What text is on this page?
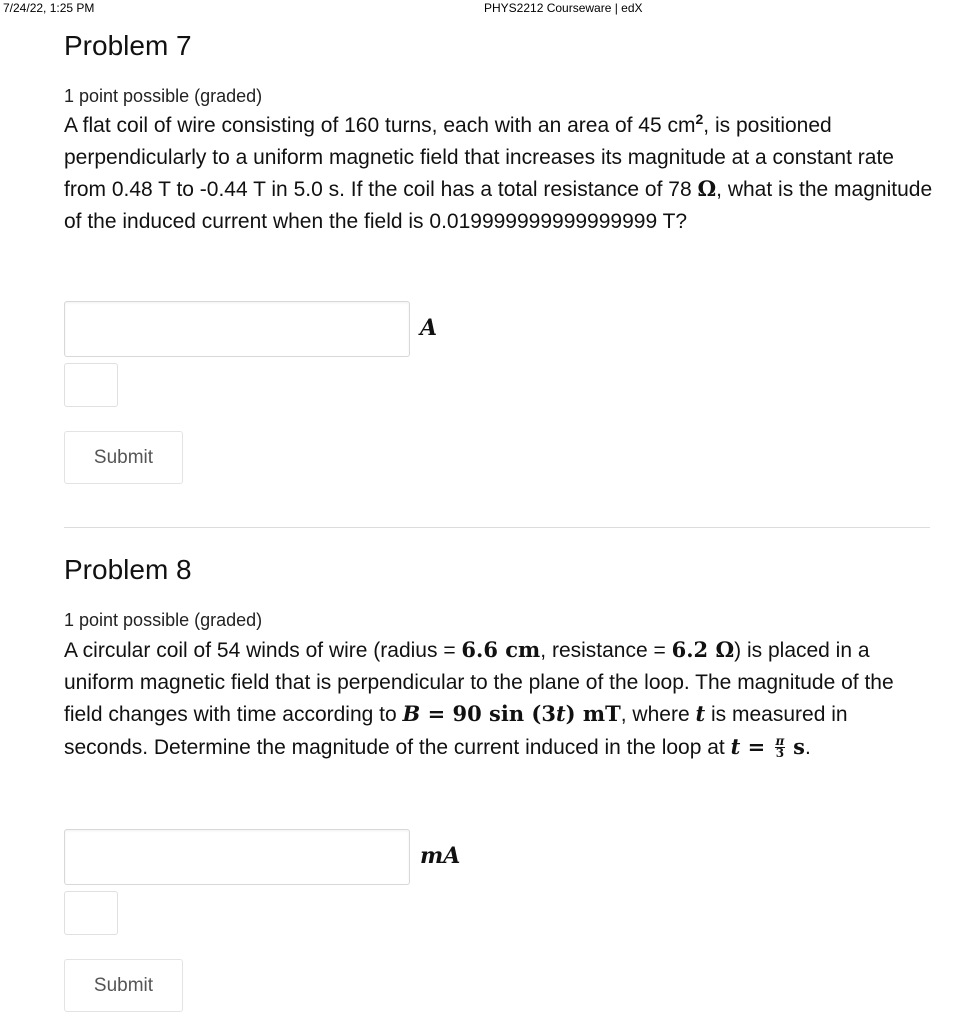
7/24/22, 1:25 PM	PHYS2212 Courseware | edX
Problem 7
1 point possible (graded)
A flat coil of wire consisting of 160 turns, each with an area of 45 $cm^2$, is positioned perpendicularly to a uniform magnetic field that increases its magnitude at a constant rate from 0.48 T to -0.44 T in 5.0 s. If the coil has a total resistance of 78 Ω, what is the magnitude of the induced current when the field is 0.019999999999999999 T?
A
Submit
Problem 8
1 point possible (graded)
A circular coil of 54 winds of wire (radius = 6.6 cm, resistance = 6.2 Ω) is placed in a uniform magnetic field that is perpendicular to the plane of the loop. The magnitude of the field changes with time according to B = 90 sin (3t) mT, where t is measured in seconds. Determine the magnitude of the current induced in the loop at $t = \frac{\pi}{3} s$.
mA
Submit
